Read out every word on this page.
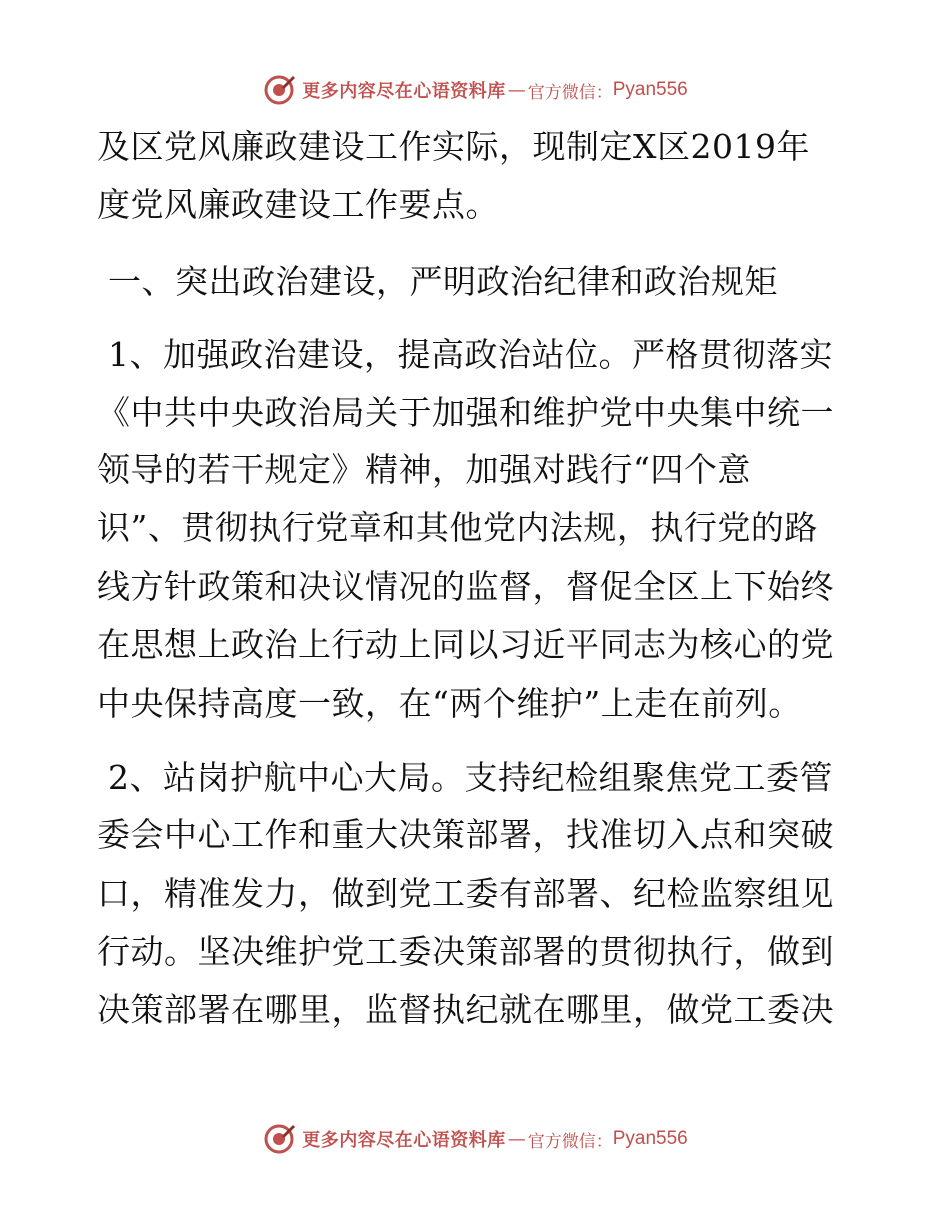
更多内容尽在心语资料库 — 官方微信： Pyan556

及区党风廉政建设工作实际，现制定X区2019年

度党风廉政建设工作要点。

一、突出政治建设，严明政治纪律和政治规矩

1、加强政治建设，提高政治站位。严格贯彻落实

《中共中央政治局关于加强和维护党中央集中统一

领导的若干规定》精神，加强对践行“四个意

识”、贯彻执行党章和其他党内法规，执行党的路

线方针政策和决议情况的监督，督促全区上下始终

在思想上政治上行动上同以习近平同志为核心的党

中央保持高度一致，在“两个维护”上走在前列。

2、站岗护航中心大局。支持纪检组聚焦党工委管

委会中心工作和重大决策部署，找准切入点和突破

口，精准发力，做到党工委有部署、纪检监察组见

行动。坚决维护党工委决策部署的贯彻执行，做到

决策部署在哪里，监督执纪就在哪里，做党工委决

更多内容尽在心语资料库 — 官方微信： Pyan556
